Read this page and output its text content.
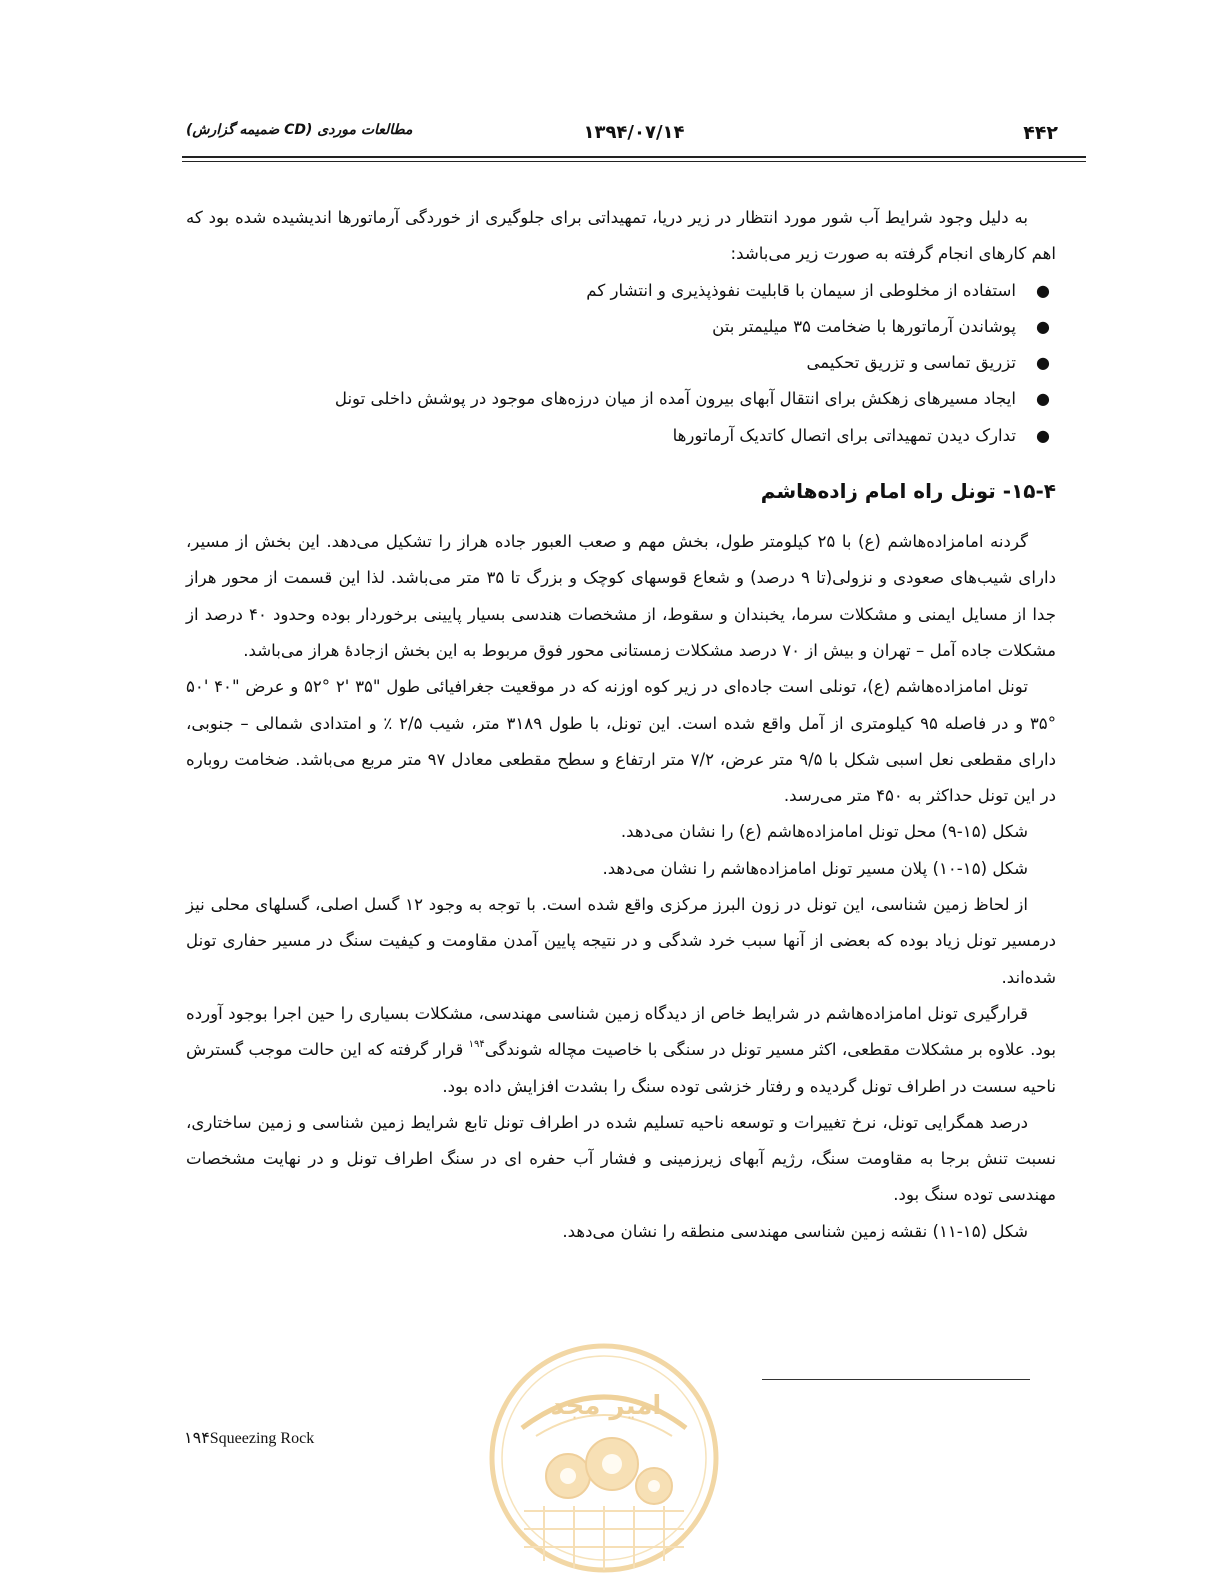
۴۴۲
۱۳۹۴/۰۷/۱۴
مطالعات موردی (CD ضمیمه گزارش)

به دلیل وجود شرایط آب شور مورد انتظار در زیر دریا، تمهیداتی برای جلوگیری از خوردگی آرماتورها اندیشیده شده بود که اهم کارهای انجام گرفته به صورت زیر می‌باشد:

●
استفاده از مخلوطی از سیمان با قابلیت نفوذپذیری و انتشار کم
●
پوشاندن آرماتورها با ضخامت ۳۵ میلیمتر بتن
●
تزریق تماسی و تزریق تحکیمی
●
ایجاد مسیرهای زهکش برای انتقال آبهای بیرون آمده از میان درزه‌های موجود در پوشش داخلی تونل
●
تدارک دیدن تمهیداتی برای اتصال کاتدیک آرماتورها
۱۵-۴- تونل راه امام زاده‌هاشم

گردنه امامزاده‌هاشم (ع) با ۲۵ کیلومتر طول، بخش مهم و صعب العبور جاده هراز را تشکیل می‌دهد. این بخش از مسیر، دارای شیب‌های صعودی و نزولی(تا ۹ درصد) و شعاع قوسهای کوچک و بزرگ تا ۳۵ متر می‌باشد. لذا این قسمت از محور هراز جدا از مسایل ایمنی و مشکلات سرما، یخبندان و سقوط، از مشخصات هندسی بسیار پایینی برخوردار بوده وحدود ۴۰ درصد از مشکلات جاده آمل – تهران و بیش از ۷۰ درصد مشکلات زمستانی محور فوق مربوط به این بخش ازجادهٔ هراز می‌باشد.

تونل امامزاده‌هاشم (ع)، تونلی است جاده‌ای در زیر کوه اوزنه که در موقعیت جغرافیائی طول "۳۵ '۲ °۵۲ و عرض "۴۰ '۵۰ °۳۵ و در فاصله ۹۵ کیلومتری از آمل واقع شده است. این تونل، با طول ۳۱۸۹ متر، شیب ۲/۵ ٪ و امتدادی شمالی – جنوبی، دارای مقطعی نعل اسبی شکل با ۹/۵ متر عرض، ۷/۲ متر ارتفاع و سطح مقطعی معادل ۹۷ متر مربع می‌باشد. ضخامت روباره در این تونل حداکثر به ۴۵۰ متر می‌رسد.

شکل (۱۵-۹) محل تونل امامزاده‌هاشم (ع) را نشان می‌دهد.

شکل (۱۵-۱۰) پلان مسیر تونل امامزاده‌هاشم را نشان می‌دهد.

از لحاظ زمین شناسی، این تونل در زون البرز مرکزی واقع شده است. با توجه به وجود ۱۲ گسل اصلی، گسلهای محلی نیز درمسیر تونل زیاد بوده که بعضی از آنها سبب خرد شدگی و در نتیجه پایین آمدن مقاومت و کیفیت سنگ در مسیر حفاری تونل شده‌اند.

قرارگیری تونل امامزاده‌هاشم در شرایط خاص از دیدگاه زمین شناسی مهندسی، مشکلات بسیاری را حین اجرا بوجود آورده بود. علاوه بر مشکلات مقطعی، اکثر مسیر تونل در سنگی با خاصیت مچاله شوندگی$^{۱۹۴}$ قرار گرفته که این حالت موجب گسترش ناحیه سست در اطراف تونل گردیده و رفتار خزشی توده سنگ را بشدت افزایش داده بود.

درصد همگرایی تونل، نرخ تغییرات و توسعه ناحیه تسلیم شده در اطراف تونل تابع شرایط زمین شناسی و زمین ساختاری، نسبت تنش برجا به مقاومت سنگ، رژیم آبهای زیرزمینی و فشار آب حفره ای در سنگ اطراف تونل و در نهایت مشخصات مهندسی توده سنگ بود.

شکل (۱۵-۱۱) نقشه زمین شناسی مهندسی منطقه را نشان می‌دهد.

۱۹۴Squeezing Rock
امیر مجد
